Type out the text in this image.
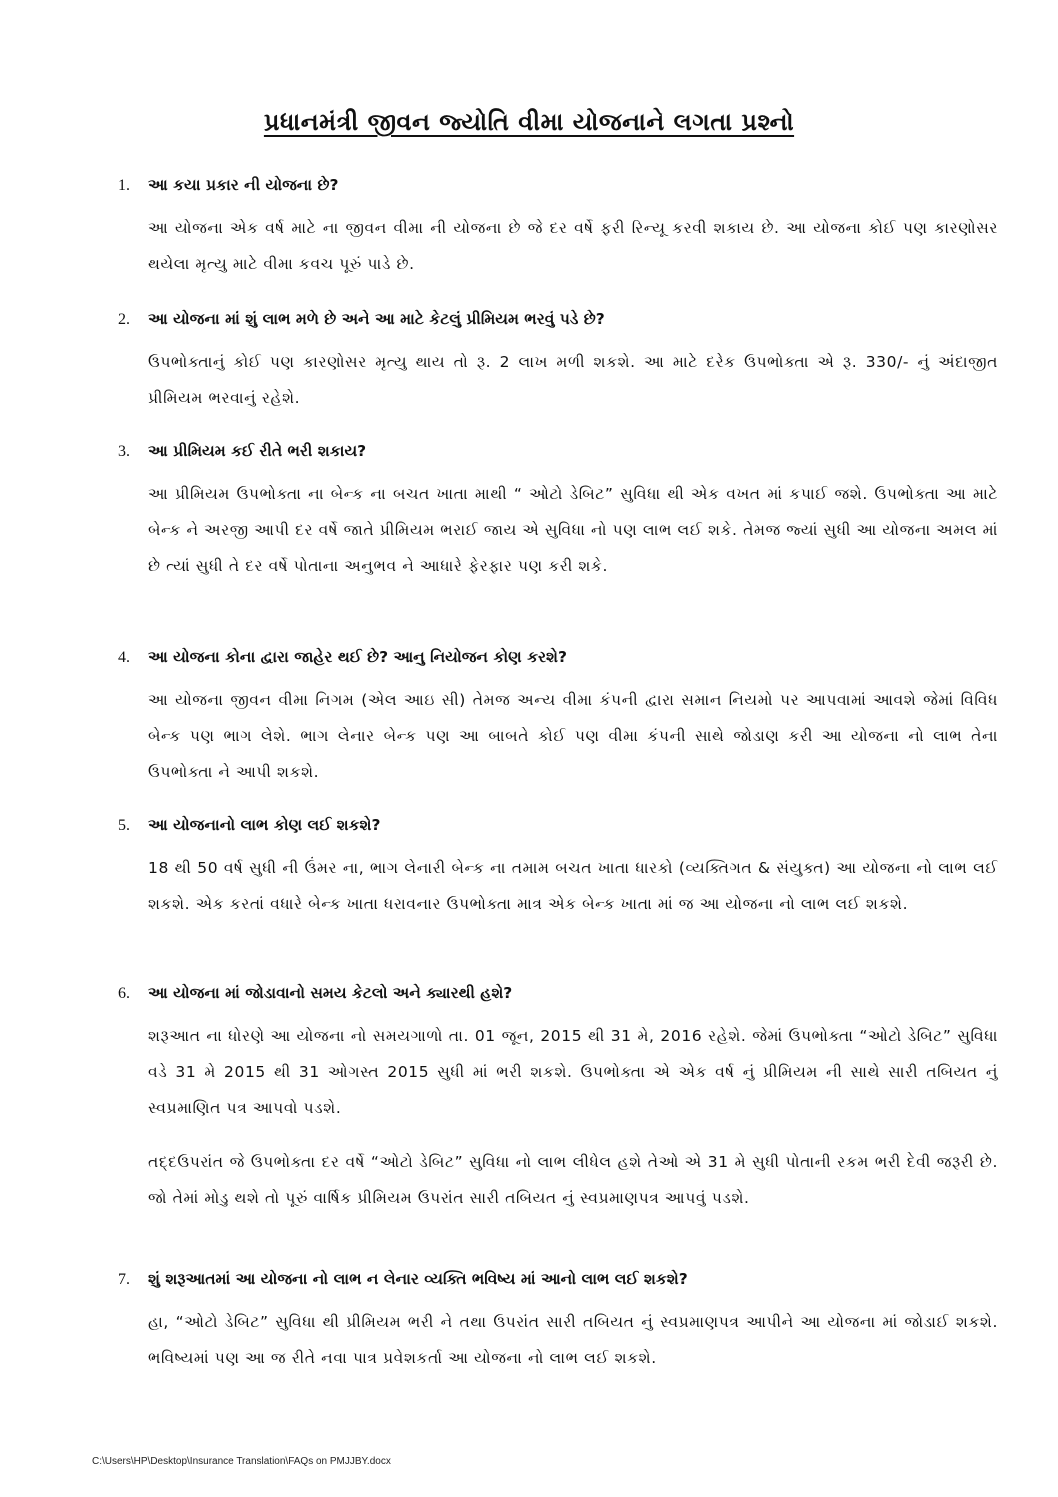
પ્રધાનમંત્રી જીવન જ્યોતિ વીમા યોજનાને લગતા પ્રશ્નો
1.	આ કયા પ્રકાર ની યોજના છે?
આ યોજના એક વર્ષ માટે ના જીવન વીમા ની યોજના છે જે દર વર્ષે ફરી રિન્યૂ કરવી શકાય છે. આ યોજના કોઈ પણ કારણોસર થયેલા મૃત્યુ માટે વીમા કવચ પૂરું પાડે છે.
2.	આ યોજના માં શું લાભ મળે છે અને આ માટે કેટલું પ્રીમિયમ ભરવું પડે છે?
ઉપભોક્તાનું કોઈ પણ કારણોસર મૃત્યુ થાય તો રૂ. 2 લાખ મળી શકશે. આ માટે દરેક ઉપભોક્તા એ રૂ. 330/- નું અંદાજીત પ્રીમિયમ ભરવાનું રહેશે.
3.	આ પ્રીમિયમ કઈ રીતે ભરી શકાય?
આ પ્રીમિયમ ઉપભોક્તા ના બેન્ક ના બચત ખાતા માથી “ ઓટો ડેબિટ” સુવિધા થી એક વખત માં કપાઈ જશે. ઉપભોક્તા આ માટે બેન્ક ને અરજી આપી દર વર્ષે જાતે પ્રીમિયમ ભરાઈ જાય એ સુવિધા નો પણ લાભ લઈ શકે. તેમજ જ્યાં સુધી આ યોજના અમલ માં છે ત્યાં સુધી તે દર વર્ષે પોતાના અનુભવ ને આધારે ફેરફાર પણ કરી શકે.
4.	આ યોજના કોના દ્વારા જાહેર થઈ છે? આનુ નિયોજન કોણ કરશે?
આ યોજના જીવન વીમા નિગમ (એલ આઇ સી) તેમજ અન્ય વીમા કંપની દ્વારા સમાન નિયમો પર આપવામાં આવશે જેમાં વિવિધ બેન્ક પણ ભાગ લેશે. ભાગ લેનાર બેન્ક પણ આ બાબતે કોઈ પણ વીમા કંપની સાથે જોડાણ કરી આ યોજના નો લાભ તેના ઉપભોક્તા ને આપી શકશે.
5.	આ યોજનાનો લાભ કોણ લઈ શકશે?
18 થી 50 વર્ષ સુધી ની ઉંમર ના, ભાગ લેનારી બેન્ક ના તમામ બચત ખાતા ધારકો (વ્યક્તિગત & સંયુક્ત) આ યોજના નો લાભ લઈ શકશે. એક કરતાં વધારે બેન્ક ખાતા ધરાવનાર ઉપભોક્તા માત્ર એક બેન્ક ખાતા માં જ આ યોજના નો લાભ લઈ શકશે.
6.	આ યોજના માં જોડાવાનો સમય કેટલો અને ક્યારથી હશે?
શરૂઆત ના ધોરણે આ યોજના નો સમયગાળો તા. 01 જૂન, 2015 થી 31 મે, 2016 રહેશે. જેમાં ઉપભોક્તા “ઓટો ડેબિટ” સુવિધા વડે 31 મે 2015 થી 31 ઓગસ્ત 2015 સુધી માં ભરી શકશે. ઉપભોક્તા એ એક વર્ષ નું પ્રીમિયમ ની સાથે સારી તબિયત નું સ્વપ્રમાણિત પત્ર આપવો પડશે.
તદ્દઉપરાંત જે ઉપભોક્તા દર વર્ષે “ઓટો ડેબિટ” સુવિધા નો લાભ લીધેલ હશે તેઓ એ 31 મે સુધી પોતાની રકમ ભરી દેવી જરૂરી છે. જો તેમાં મોડુ થશે તો પૂરું વાર્ષિક પ્રીમિયમ ઉપરાંત સારી તબિયત નું સ્વપ્રમાણપત્ર આપવું પડશે.
7.	શું શરૂઆતમાં આ યોજના નો લાભ ન લેનાર વ્યક્તિ ભવિષ્ય માં આનો લાભ લઈ શકશે?
હા, “ઓટો ડેબિટ” સુવિધા થી પ્રીમિયમ ભરી ને તથા ઉપરાંત સારી તબિયત નું સ્વપ્રમાણપત્ર આપીને આ યોજના માં જોડાઈ શકશે. ભવિષ્યમાં પણ આ જ રીતે નવા પાત્ર પ્રવેશકર્તા આ યોજના નો લાભ લઈ શકશે.
C:\Users\HP\Desktop\Insurance Translation\FAQs on PMJJBY.docx
